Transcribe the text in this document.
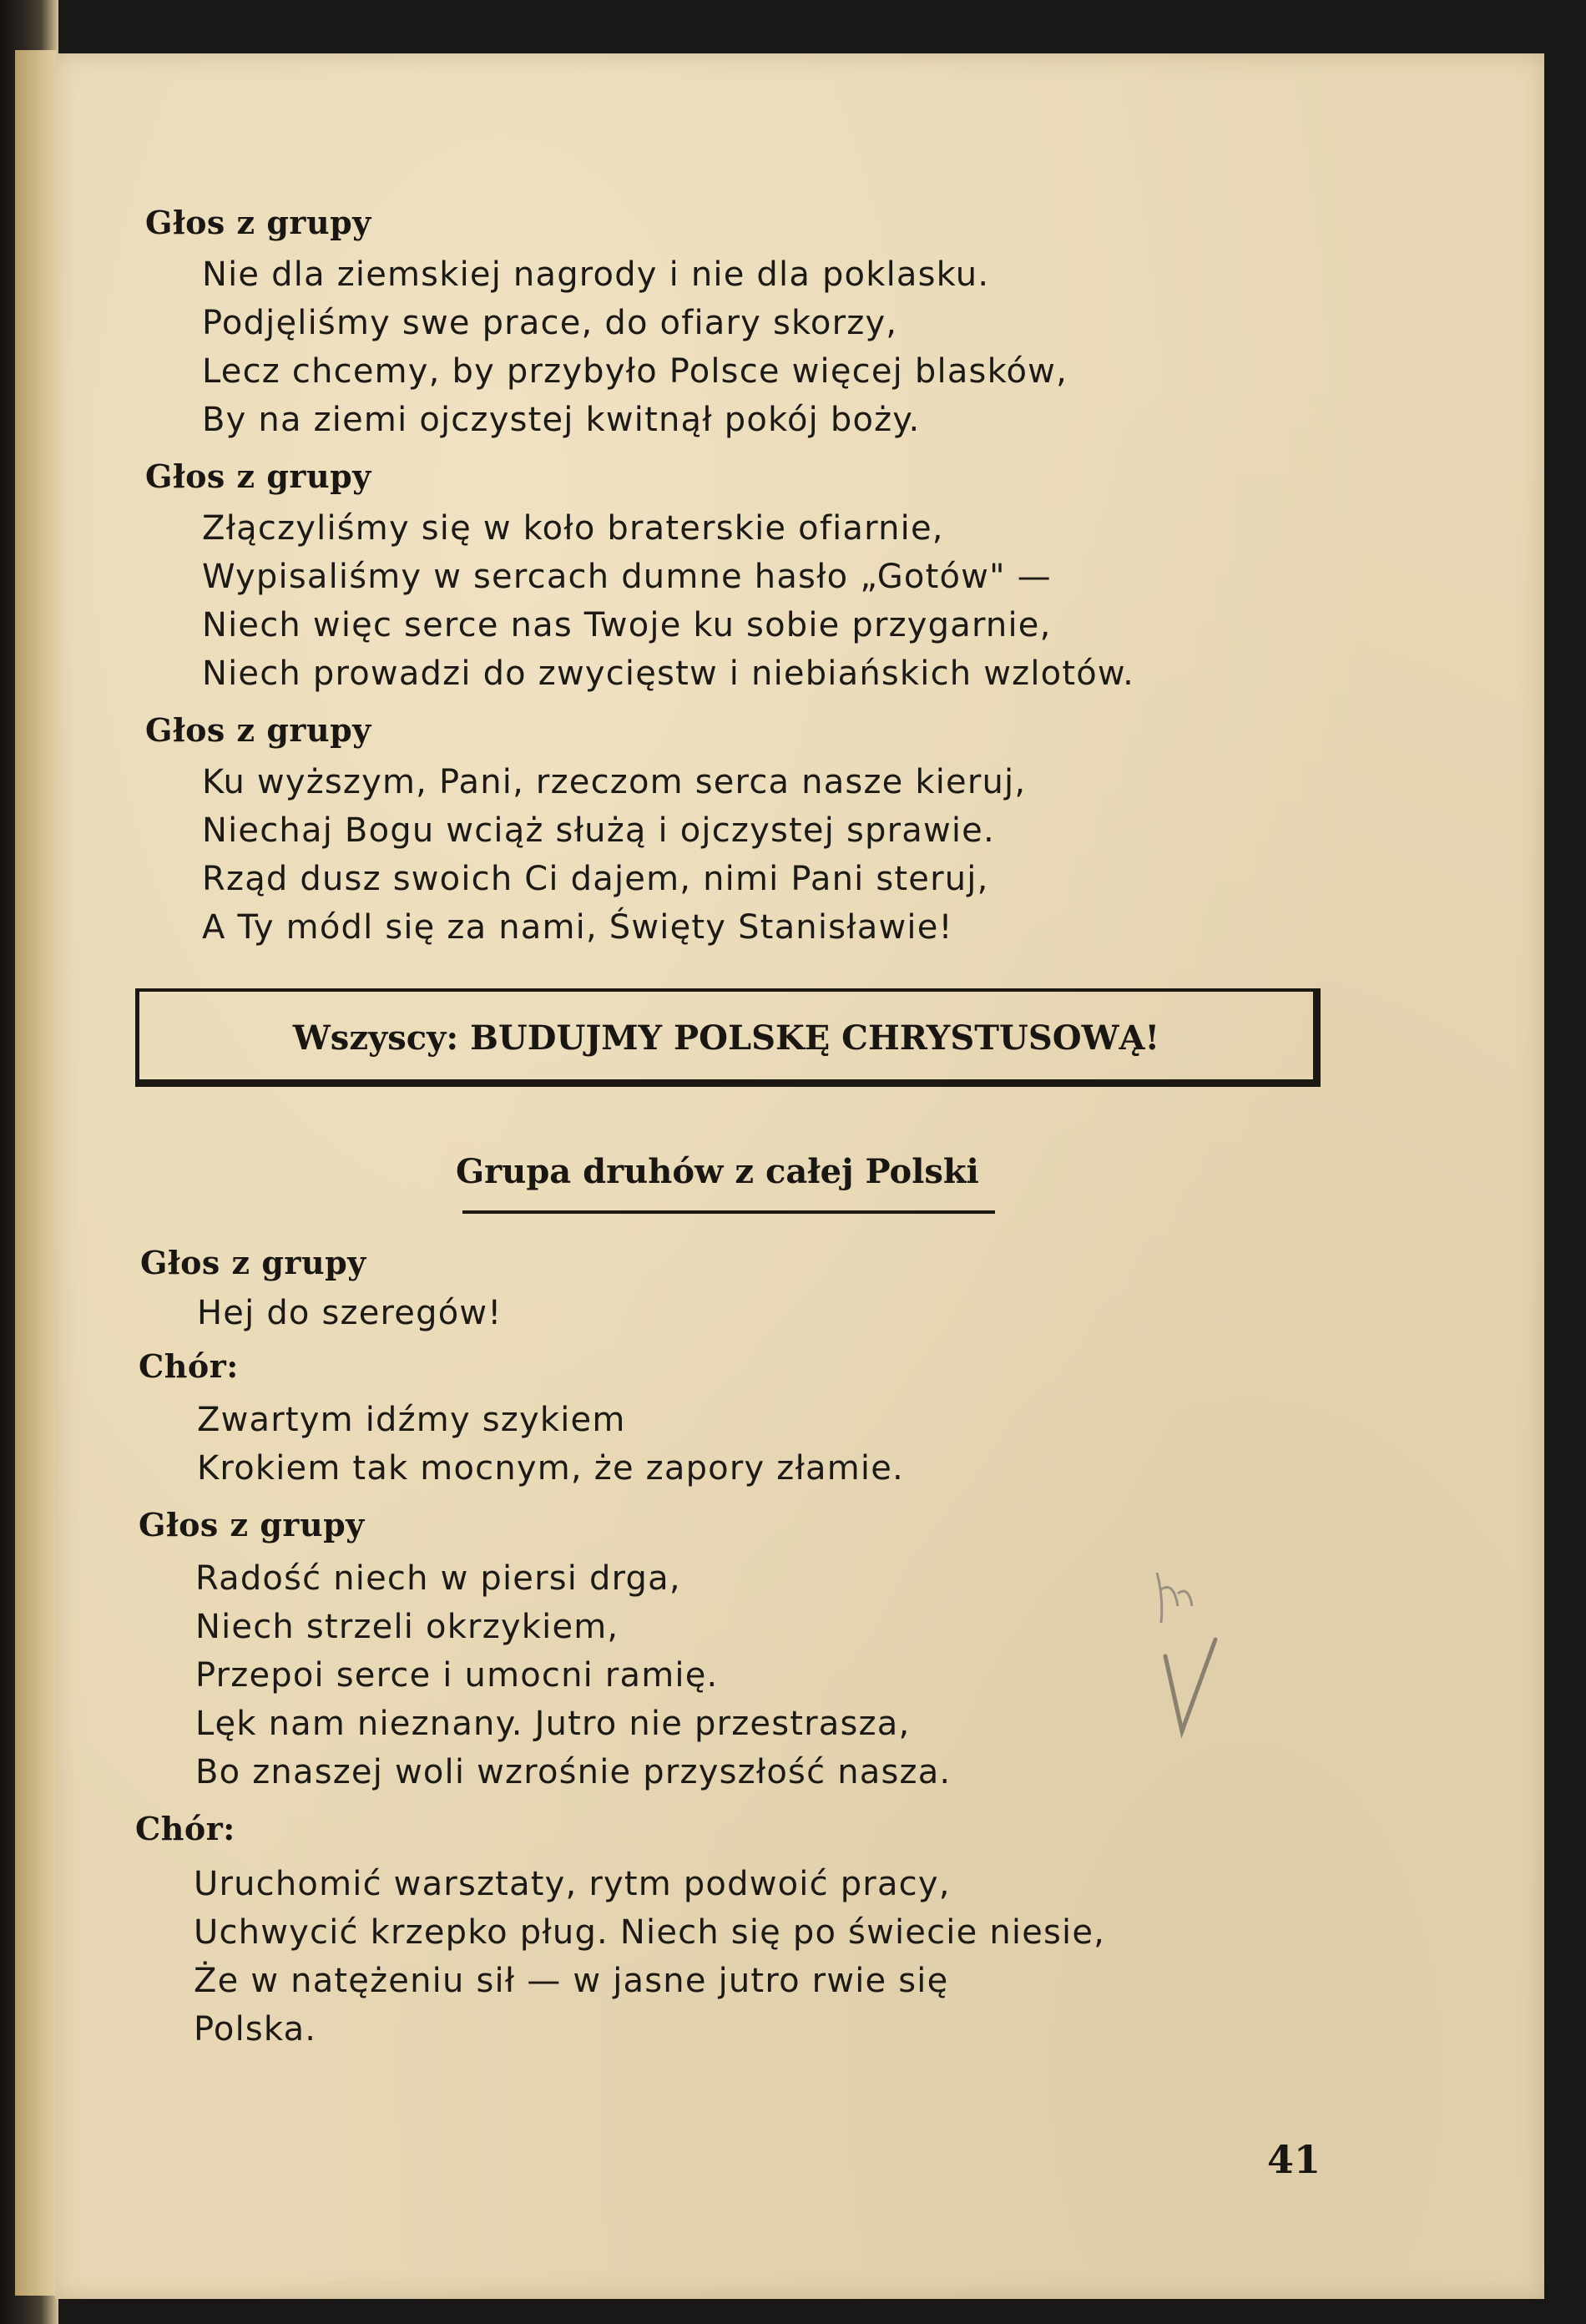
Głos z grupy
Nie dla ziemskiej nagrody i nie dla poklasku.
Podjęliśmy swe prace, do ofiary skorzy,
Lecz chcemy, by przybyło Polsce więcej blasków,
By na ziemi ojczystej kwitnął pokój boży.
Głos z grupy
Złączyliśmy się w koło braterskie ofiarnie,
Wypisaliśmy w sercach dumne hasło „Gotów" —
Niech więc serce nas Twoje ku sobie przygarnie,
Niech prowadzi do zwycięstw i niebiańskich wzlotów.
Głos z grupy
Ku wyższym, Pani, rzeczom serca nasze kieruj,
Niechaj Bogu wciąż służą i ojczystej sprawie.
Rząd dusz swoich Ci dajem, nimi Pani steruj,
A Ty módl się za nami, Święty Stanisławie!
Wszyscy: BUDUJMY POLSKĘ CHRYSTUSOWĄ!
Grupa druhów z całej Polski
Głos z grupy
Hej do szeregów!
Chór:
Zwartym idźmy szykiem
Krokiem tak mocnym, że zapory złamie.
Głos z grupy
Radość niech w piersi drga,
Niech strzeli okrzykiem,
Przepoi serce i umocni ramię.
Lęk nam nieznany. Jutro nie przestrasza,
Bo znaszej woli wzrośnie przyszłość nasza.
Chór:
Uruchomić warsztaty, rytm podwoić pracy,
Uchwycić krzepko pług. Niech się po świecie niesie,
Że w natężeniu sił — w jasne jutro rwie się
Polska.
41
